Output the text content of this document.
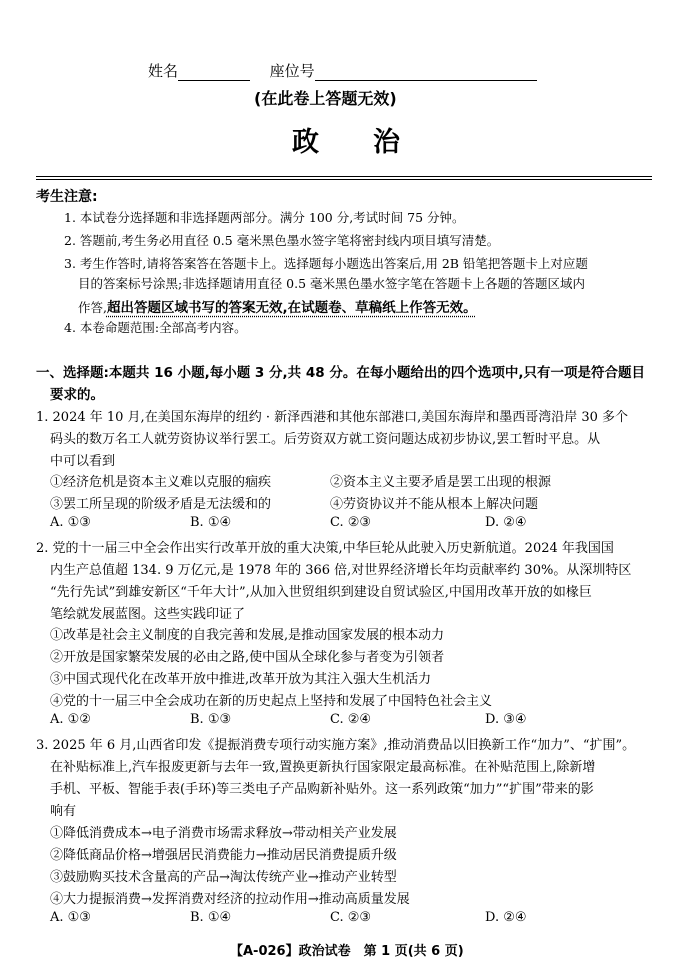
姓名	座位号
(在此卷上答题无效)
政　　治
考生注意:
1. 本试卷分选择题和非选择题两部分。满分 100 分,考试时间 75 分钟。
2. 答题前,考生务必用直径 0.5 毫米黑色墨水签字笔将密封线内项目填写清楚。
3. 考生作答时,请将答案答在答题卡上。选择题每小题选出答案后,用 2B 铅笔把答题卡上对应题
目的答案标号涂黑;非选择题请用直径 0.5 毫米黑色墨水签字笔在答题卡上各题的答题区域内
作答,超出答题区域书写的答案无效,在试题卷、草稿纸上作答无效。
4. 本卷命题范围:全部高考内容。
一、选择题:本题共 16 小题,每小题 3 分,共 48 分。在每小题给出的四个选项中,只有一项是符合题目
要求的。
1. 2024 年 10 月,在美国东海岸的纽约 · 新泽西港和其他东部港口,美国东海岸和墨西哥湾沿岸 30 多个
码头的数万名工人就劳资协议举行罢工。后劳资双方就工资问题达成初步协议,罢工暂时平息。从
中可以看到
①经济危机是资本主义难以克服的痼疾	②资本主义主要矛盾是罢工出现的根源
③罢工所呈现的阶级矛盾是无法缓和的	④劳资协议并不能从根本上解决问题
A. ①③	B. ①④	C. ②③	D. ②④
2. 党的十一届三中全会作出实行改革开放的重大决策,中华巨轮从此驶入历史新航道。2024 年我国国
内生产总值超 134. 9 万亿元,是 1978 年的 366 倍,对世界经济增长年均贡献率约 30%。从深圳特区
“先行先试”到雄安新区“千年大计”,从加入世贸组织到建设自贸试验区,中国用改革开放的如椽巨
笔绘就发展蓝图。这些实践印证了
①改革是社会主义制度的自我完善和发展,是推动国家发展的根本动力
②开放是国家繁荣发展的必由之路,使中国从全球化参与者变为引领者
③中国式现代化在改革开放中推进,改革开放为其注入强大生机活力
④党的十一届三中全会成功在新的历史起点上坚持和发展了中国特色社会主义
A. ①②	B. ①③	C. ②④	D. ③④
3. 2025 年 6 月,山西省印发《提振消费专项行动实施方案》,推动消费品以旧换新工作“加力”、“扩围”。
在补贴标准上,汽车报废更新与去年一致,置换更新执行国家限定最高标准。在补贴范围上,除新增
手机、平板、智能手表(手环)等三类电子产品购新补贴外。这一系列政策“加力”“扩围”带来的影
响有
①降低消费成本→电子消费市场需求释放→带动相关产业发展
②降低商品价格→增强居民消费能力→推动居民消费提质升级
③鼓励购买技术含量高的产品→淘汰传统产业→推动产业转型
④大力提振消费→发挥消费对经济的拉动作用→推动高质量发展
A. ①③	B. ①④	C. ②③	D. ②④
【A-026】政治试卷　第 1 页(共 6 页)
